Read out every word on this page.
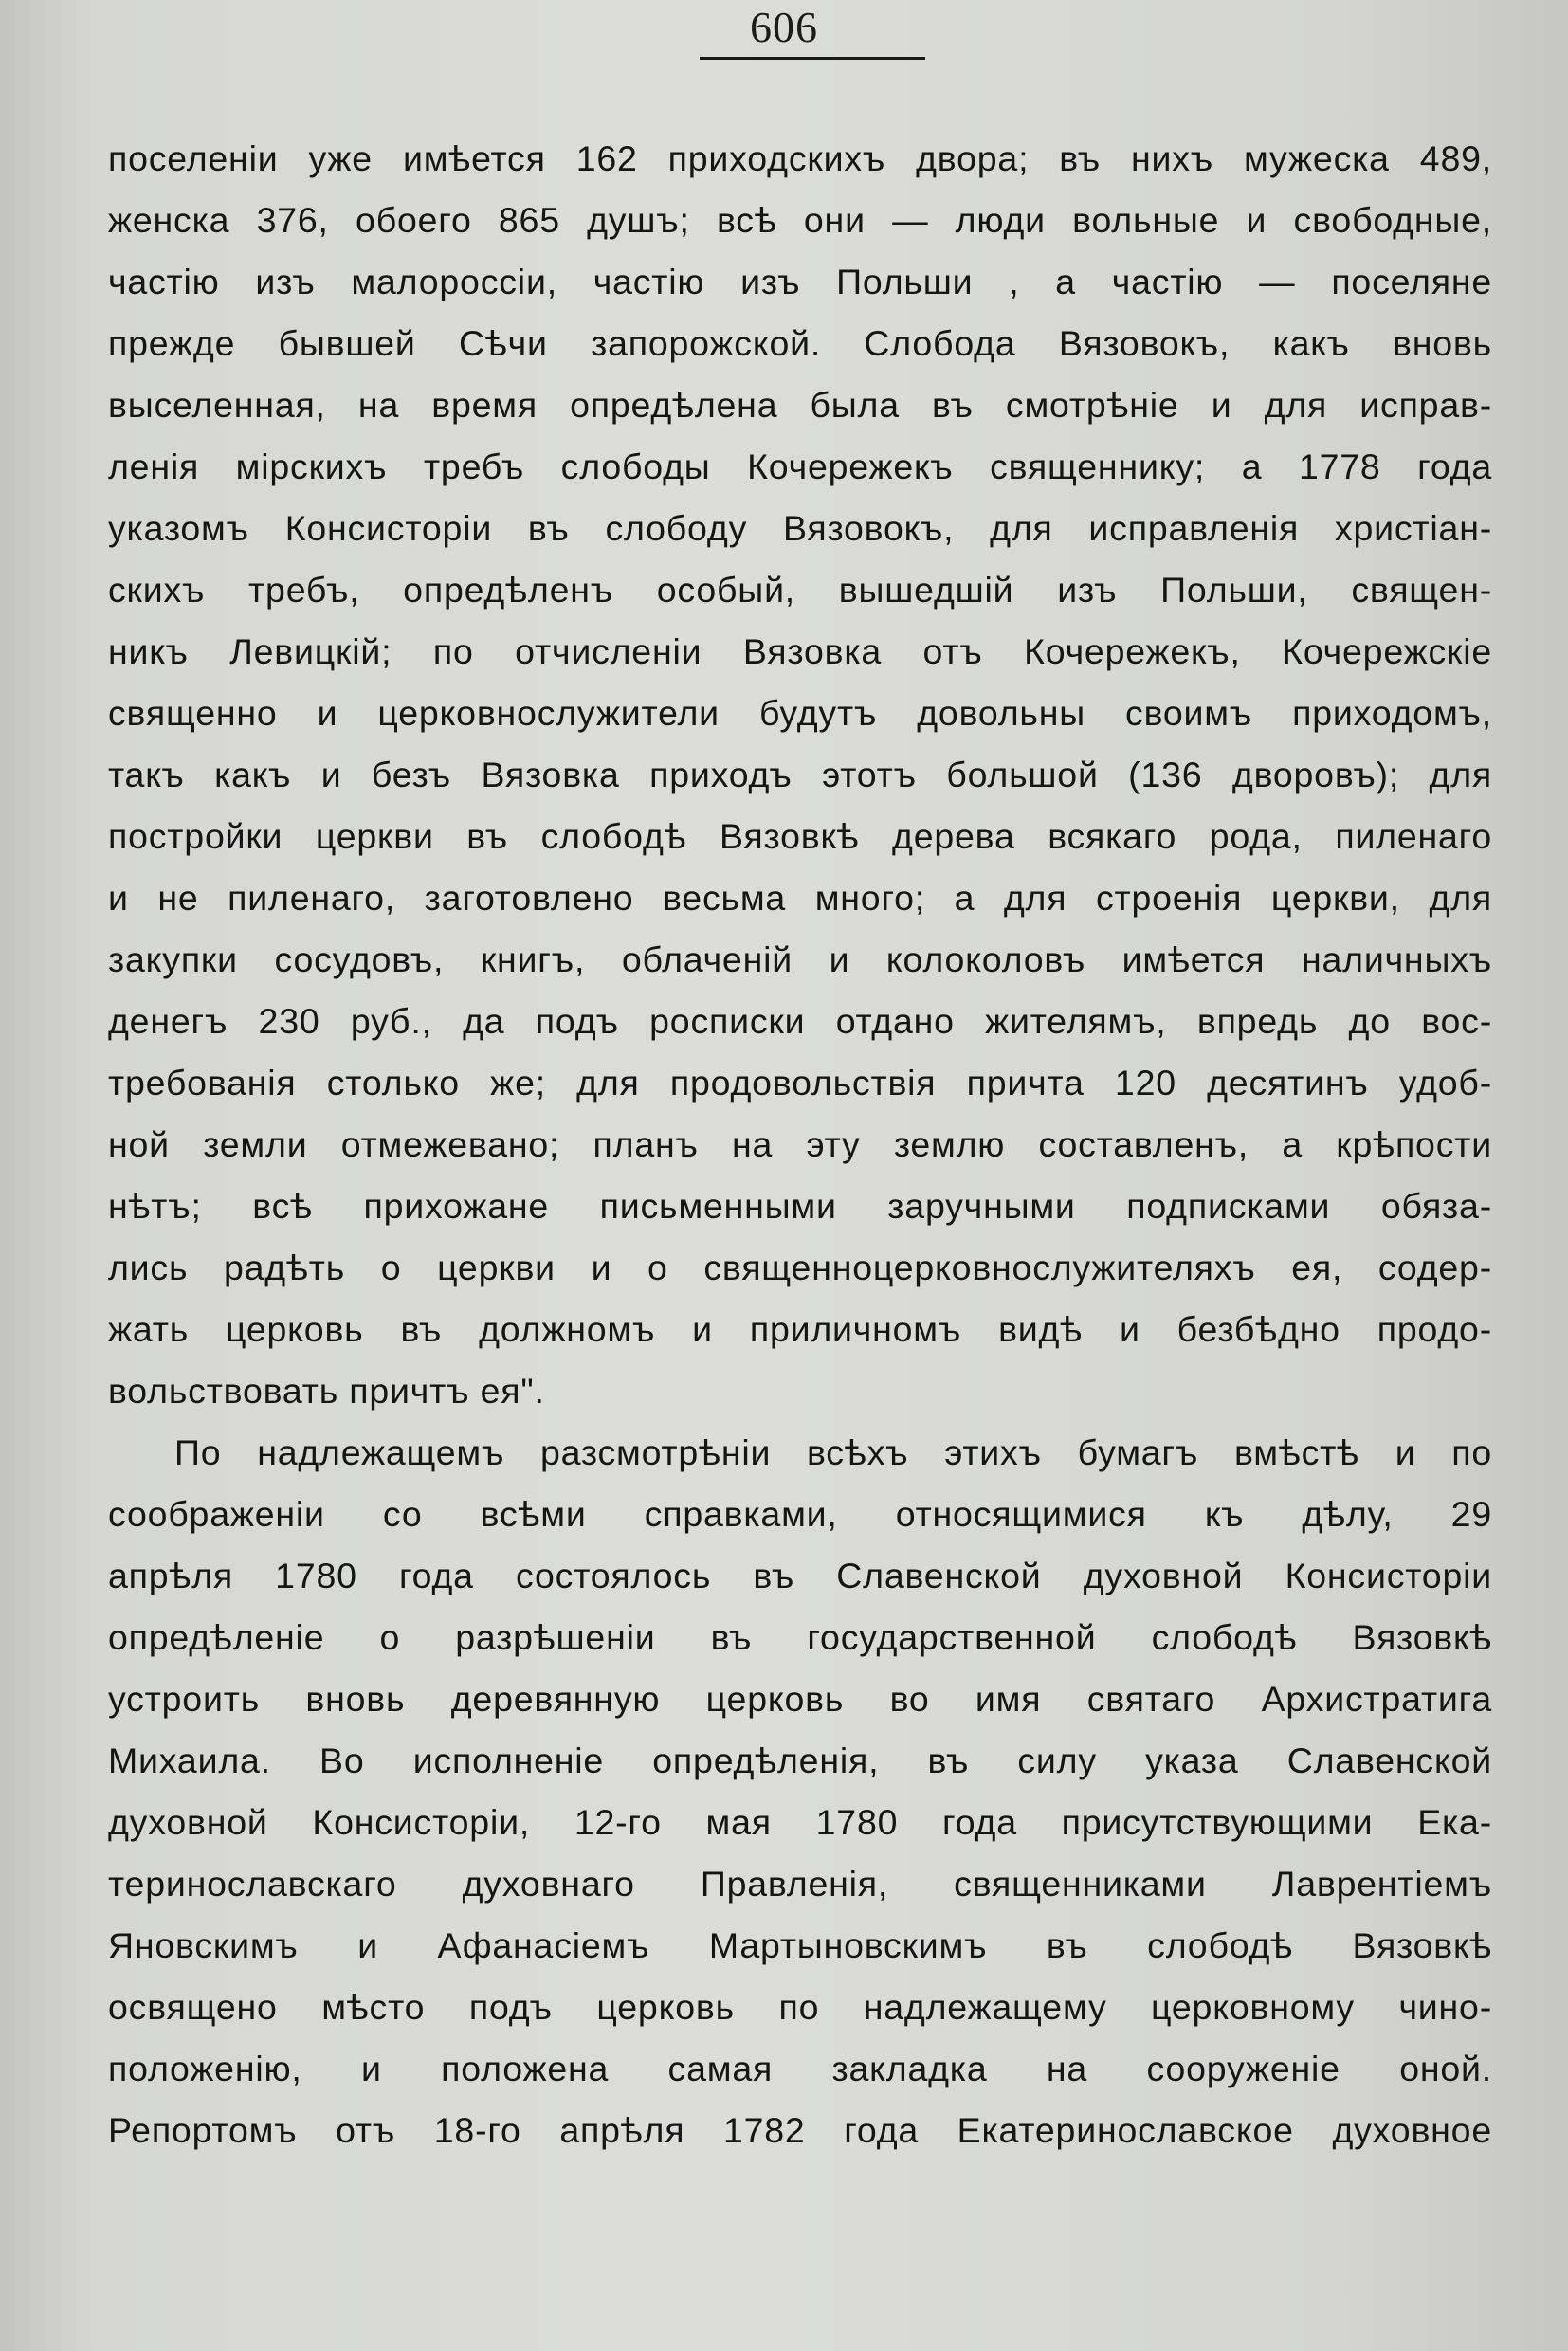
606
поселенiи уже имѣется 162 приходскихъ двора; въ нихъ мужеска 489,
женска 376, обоего 865 душъ; всѣ они — люди вольные и свободные,
частiю изъ малороссiи, частiю изъ Польши , а частiю — поселяне
прежде бывшей Сѣчи запорожской. Слобода Вязовокъ, какъ вновь
выселенная, на время опредѣлена была въ смотрѣнiе и для исправ-
ленiя мiрскихъ требъ слободы Кочережекъ священнику; а 1778 года
указомъ Консисторiи въ слободу Вязовокъ, для исправленiя христiан-
скихъ требъ, опредѣленъ особый, вышедшiй изъ Польши, священ-
никъ Левицкiй; по отчисленiи Вязовка отъ Кочережекъ, Кочережскiе
священно и церковнослужители будутъ довольны своимъ приходомъ,
такъ какъ и безъ Вязовка приходъ этотъ большой (136 дворовъ); для
постройки церкви въ слободѣ Вязовкѣ дерева всякаго рода, пиленаго
и не пиленаго, заготовлено весьма много; а для строенiя церкви, для
закупки сосудовъ, книгъ, облаченiй и колоколовъ имѣется наличныхъ
денегъ 230 руб., да подъ росписки отдано жителямъ, впредь до вос-
требованiя столько же; для продовольствiя причта 120 десятинъ удоб-
ной земли отмежевано; планъ на эту землю составленъ, а крѣпости
нѣтъ; всѣ прихожане письменными заручными подписками обяза-
лись радѣть о церкви и о священноцерковнослужителяхъ ея, содер-
жать церковь въ должномъ и приличномъ видѣ и безбѣдно продо-
вольствовать причтъ ея".
По надлежащемъ разсмотрѣнiи всѣхъ этихъ бумагъ вмѣстѣ и по
соображенiи со всѣми справками, относящимися къ дѣлу, 29
апрѣля 1780 года состоялось въ Славенской духовной Консисторiи
опредѣленiе о разрѣшенiи въ государственной слободѣ Вязовкѣ
устроить вновь деревянную церковь во имя святаго Архистратига
Михаила. Во исполненiе опредѣленiя, въ силу указа Славенской
духовной Консисторiи, 12-го мая 1780 года присутствующими Ека-
теринославскаго духовнаго Правленiя, священниками Лаврентiемъ
Яновскимъ и Афанасiемъ Мартыновскимъ въ слободѣ Вязовкѣ
освящено мѣсто подъ церковь по надлежащему церковному чино-
положенiю, и положена самая закладка на сооруженiе оной.
Репортомъ отъ 18-го апрѣля 1782 года Екатеринославское духовное
